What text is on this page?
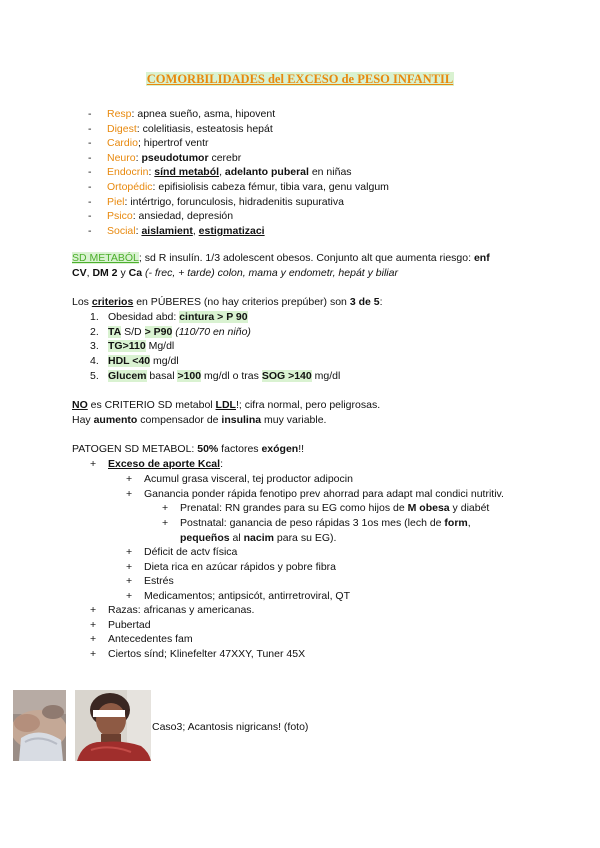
COMORBILIDADES del EXCESO de PESO INFANTIL
- Resp: apnea sueño, asma, hipovent
- Digest: colelitiasis, esteatosis hepát
- Cardio; hipertrof ventr
- Neuro: pseudotumor cerebr
- Endocrin: sínd metaból, adelanto puberal en niñas
- Ortopédic: epifisiolisis cabeza fémur, tibia vara, genu valgum
- Piel: intértrigo, forunculosis, hidradenitis supurativa
- Psico: ansiedad, depresión
- Social: aislamient, estigmatizaci
SD METABÓL; sd R insulín. 1/3 adolescent obesos. Conjunto alt que aumenta riesgo: enf
CV, DM 2 y Ca (- frec, + tarde) colon, mama y endometr, hepát y biliar
Los criterios en PÚBERES (no hay criterios prepúber) son 3 de 5:
1. Obesidad abd: cintura > P 90
2. TA S/D > P90 (110/70 en niño)
3. TG>110 Mg/dl
4. HDL <40 mg/dl
5. Glucem basal >100 mg/dl o tras SOG >140 mg/dl
NO es CRITERIO SD metabol LDL!; cifra normal, pero peligrosas.
Hay aumento compensador de insulina muy variable.
PATOGEN SD METABOL: 50% factores exógen!!
+ Exceso de aporte Kcal:
+ Acumul grasa visceral, tej productor adipocin
+ Ganancia ponder rápida fenotipo prev ahorrad para adapt mal condici nutritiv.
+ Prenatal: RN grandes para su EG como hijos de M obesa y diabét
+ Postnatal: ganancia de peso rápidas 3 1os mes (lech de form,
pequeños al nacim para su EG).
+ Déficit de actv física
+ Dieta rica en azúcar rápidos y pobre fibra
+ Estrés
+ Medicamentos; antipsicót, antirretroviral, QT
+ Razas: africanas y americanas.
+ Pubertad
+ Antecedentes fam
+ Ciertos sínd; Klinefelter 47XXY, Tuner 45X
Caso3; Acantosis nigricans! (foto)
